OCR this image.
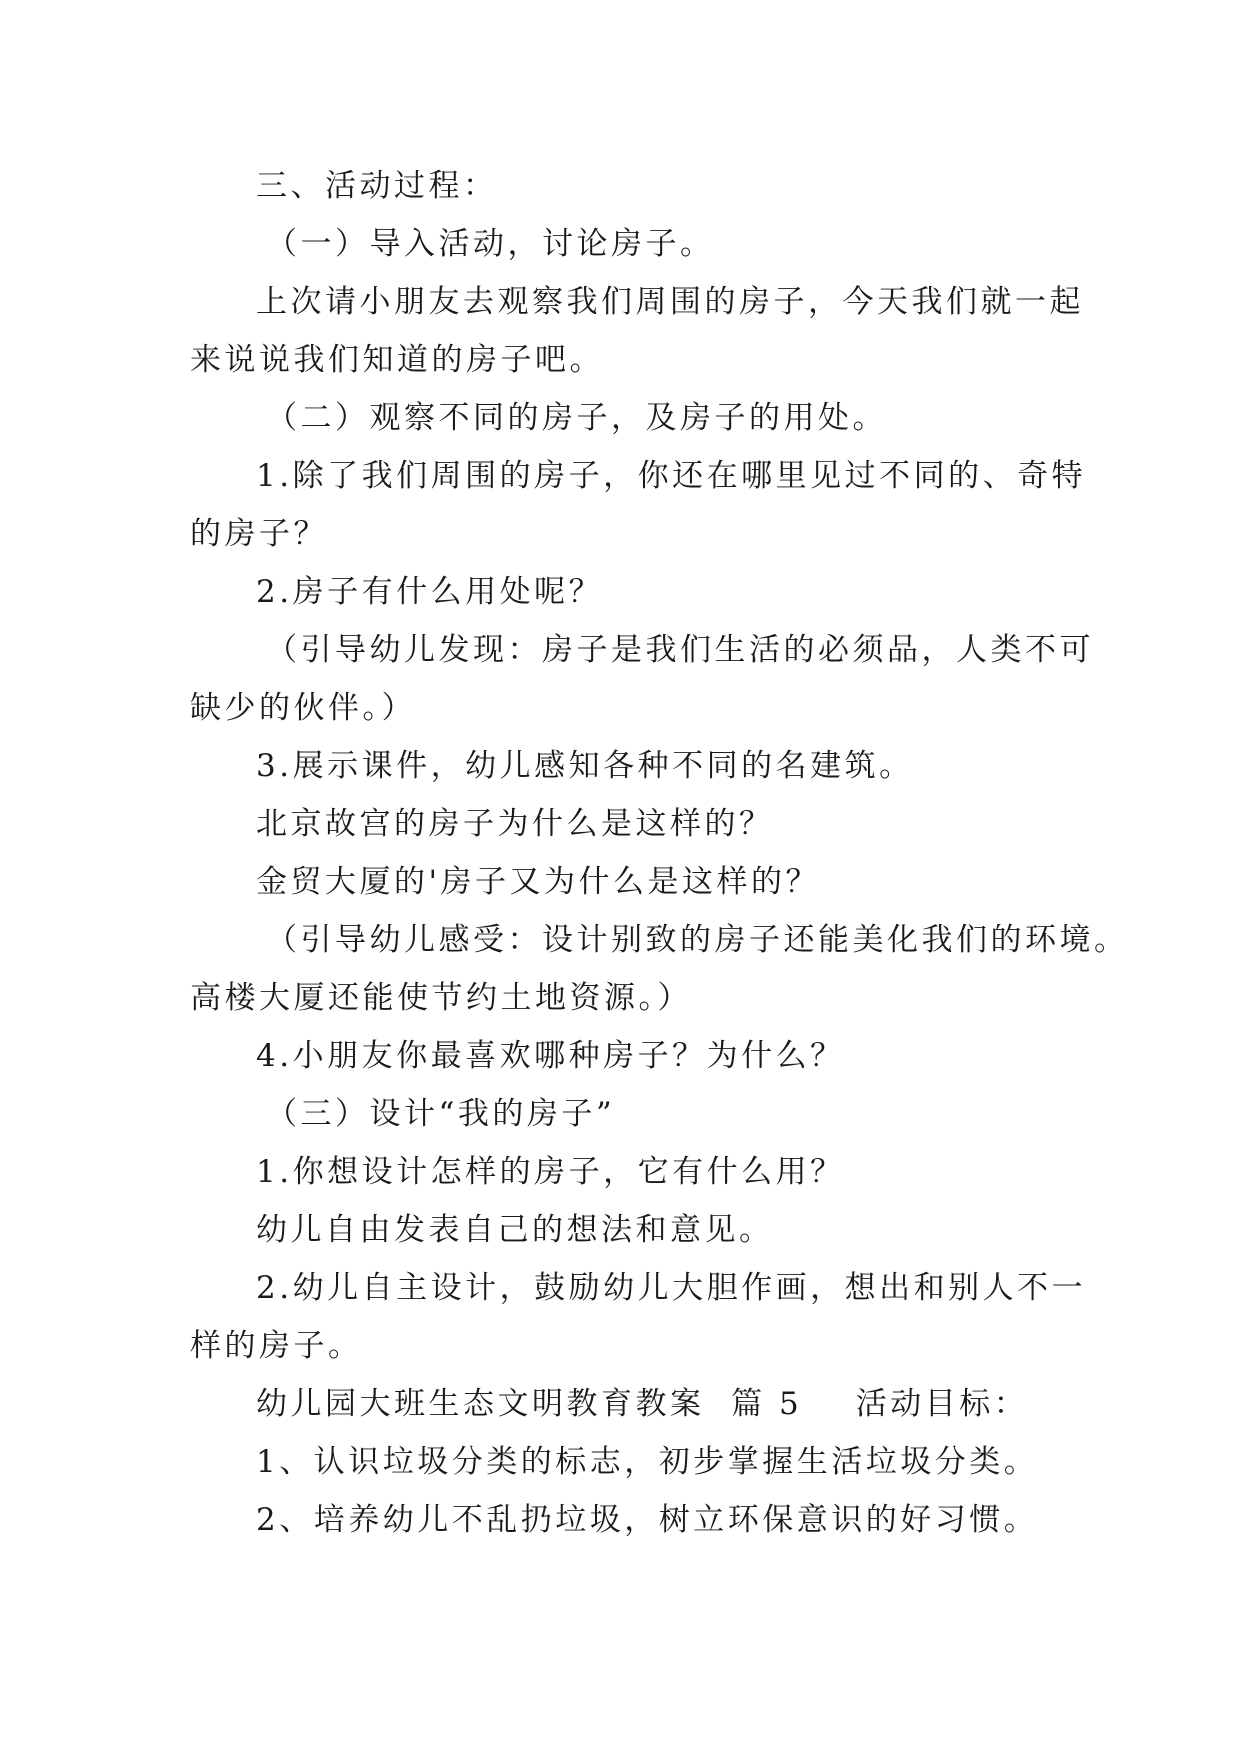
三、活动过程：
（一）导入活动，讨论房子。
上次请小朋友去观察我们周围的房子，今天我们就一起
来说说我们知道的房子吧。
（二）观察不同的房子，及房子的用处。
1.除了我们周围的房子，你还在哪里见过不同的、奇特
的房子？
2.房子有什么用处呢？
（引导幼儿发现：房子是我们生活的必须品，人类不可
缺少的伙伴。）
3.展示课件，幼儿感知各种不同的名建筑。
北京故宫的房子为什么是这样的？
金贸大厦的'房子又为什么是这样的？
（引导幼儿感受：设计别致的房子还能美化我们的环境。
高楼大厦还能使节约土地资源。）
4.小朋友你最喜欢哪种房子？为什么？
（三）设计“我的房子”
1.你想设计怎样的房子，它有什么用？
幼儿自由发表自己的想法和意见。
2.幼儿自主设计，鼓励幼儿大胆作画，想出和别人不一
样的房子。
幼儿园大班生态文明教育教案  篇 5    活动目标：
1、认识垃圾分类的标志，初步掌握生活垃圾分类。
2、培养幼儿不乱扔垃圾，树立环保意识的好习惯。
